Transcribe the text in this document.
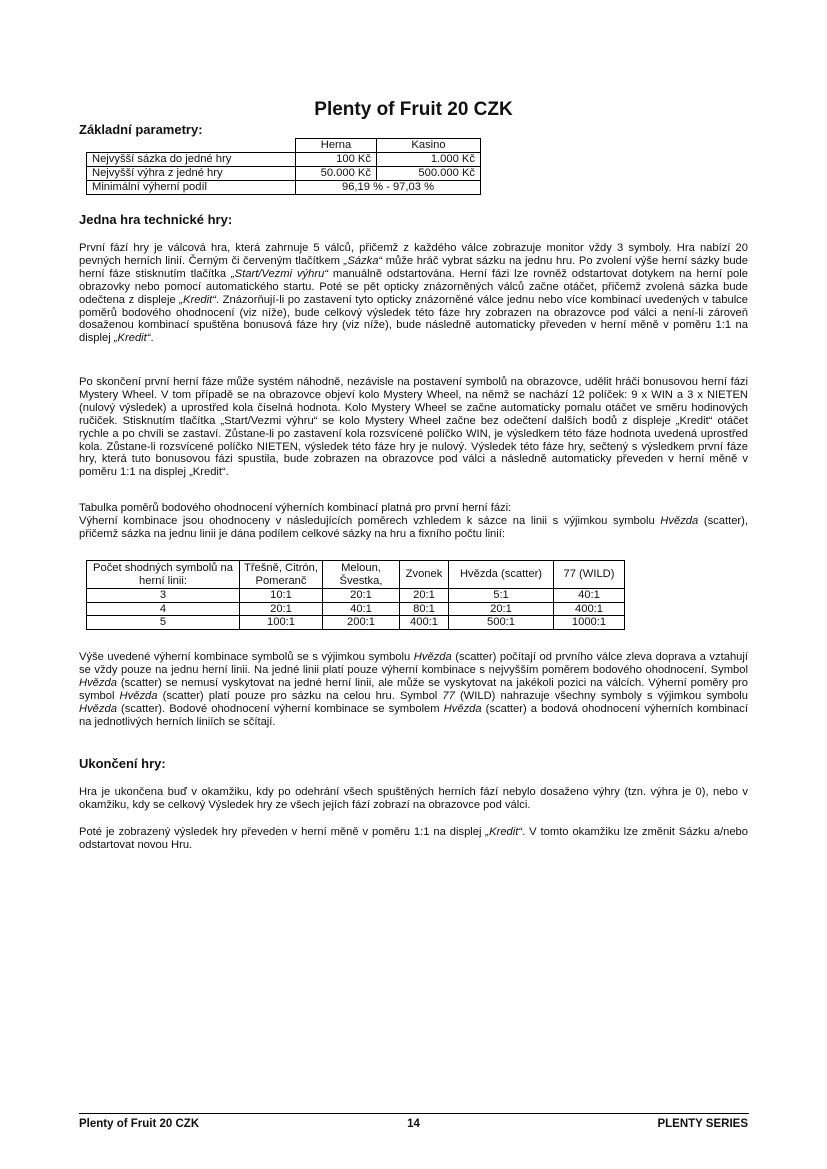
Plenty of Fruit 20 CZK
Základní parametry:
	Herna	Kasino
Nejvyšší sázka do jedné hry	100 Kč	1.000 Kč
Nejvyšší výhra z jedné hry	50.000 Kč	500.000 Kč
Minimální výherní podíl	96,19 % - 97,03 %	
Jedna hra technické hry:
První fází hry je válcová hra, která zahrnuje 5 válců, přičemž z každého válce zobrazuje monitor vždy 3 symboly. Hra nabízí 20 pevných herních linií. Černým či červeným tlačítkem „Sázka“ může hráč vybrat sázku na jednu hru. Po zvolení výše herní sázky bude herní fáze stisknutím tlačítka „Start/Vezmi výhru“ manuálně odstartována. Herní fázi lze rovněž odstartovat dotykem na herní pole obrazovky nebo pomocí automatického startu. Poté se pět opticky znázorněných válců začne otáčet, přičemž zvolená sázka bude odečtena z displeje „Kredit“. Znázorňují-li po zastavení tyto opticky znázorněné válce jednu nebo více kombinací uvedených v tabulce poměrů bodového ohodnocení (viz níže), bude celkový výsledek této fáze hry zobrazen na obrazovce pod válci a není-li zároveň dosaženou kombinací spuštěna bonusová fáze hry (viz níže), bude následně automaticky převeden v herní měně v poměru 1:1 na displej „Kredit“.
Po skončení první herní fáze může systém náhodně, nezávisle na postavení symbolů na obrazovce, udělit hráči bonusovou herní fázi Mystery Wheel. V tom případě se na obrazovce objeví kolo Mystery Wheel, na němž se nachází 12 políček: 9 x WIN a 3 x NIETEN (nulový výsledek) a uprostřed kola číselná hodnota. Kolo Mystery Wheel se začne automaticky pomalu otáčet ve směru hodinových ručiček. Stisknutím tlačítka „Start/Vezmi výhru“ se kolo Mystery Wheel začne bez odečtení dalších bodů z displeje „Kredit“ otáčet rychle a po chvíli se zastaví. Zůstane-li po zastavení kola rozsvícené políčko WIN, je výsledkem této fáze hodnota uvedená uprostřed kola. Zůstane-li rozsvícené políčko NIETEN, výsledek této fáze hry je nulový. Výsledek této fáze hry, sečtený s výsledkem první fáze hry, která tuto bonusovou fázi spustila, bude zobrazen na obrazovce pod válci a následně automaticky převeden v herní měně v poměru 1:1 na displej „Kredit“.
Tabulka poměrů bodového ohodnocení výherních kombinací platná pro první herní fázi:
Výherní kombinace jsou ohodnoceny v následujících poměrech vzhledem k sázce na linii s výjimkou symbolu Hvězda (scatter), přičemž sázka na jednu linii je dána podílem celkové sázky na hru a fixního počtu linií:
Počet shodných symbolů na herní linii:	Třešně, Citrón, Pomeranč	Meloun, Švestka,	Zvonek	Hvězda (scatter)	77 (WILD)
3	10:1	20:1	20:1	5:1	40:1
4	20:1	40:1	80:1	20:1	400:1
5	100:1	200:1	400:1	500:1	1000:1
Výše uvedené výherní kombinace symbolů se s výjimkou symbolu Hvězda (scatter) počítají od prvního válce zleva doprava a vztahují se vždy pouze na jednu herní linii. Na jedné linii platí pouze výherní kombinace s nejvyšším poměrem bodového ohodnocení. Symbol Hvězda (scatter) se nemusí vyskytovat na jedné herní linii, ale může se vyskytovat na jakékoli pozici na válcích. Výherní poměry pro symbol Hvězda (scatter) platí pouze pro sázku na celou hru. Symbol 77 (WILD) nahrazuje všechny symboly s výjimkou symbolu Hvězda (scatter). Bodové ohodnocení výherní kombinace se symbolem Hvězda (scatter) a bodová ohodnocení výherních kombinací na jednotlivých herních liniích se sčítají.
Ukončení hry:
Hra je ukončena buď v okamžiku, kdy po odehrání všech spuštěných herních fází nebylo dosaženo výhry (tzn. výhra je 0), nebo v okamžiku, kdy se celkový Výsledek hry ze všech jejích fází zobrazí na obrazovce pod válci.
Poté je zobrazený výsledek hry převeden v herní měně v poměru 1:1 na displej „Kredit“. V tomto okamžiku lze změnit Sázku a/nebo odstartovat novou Hru.
Plenty of Fruit 20 CZK	14	PLENTY SERIES
